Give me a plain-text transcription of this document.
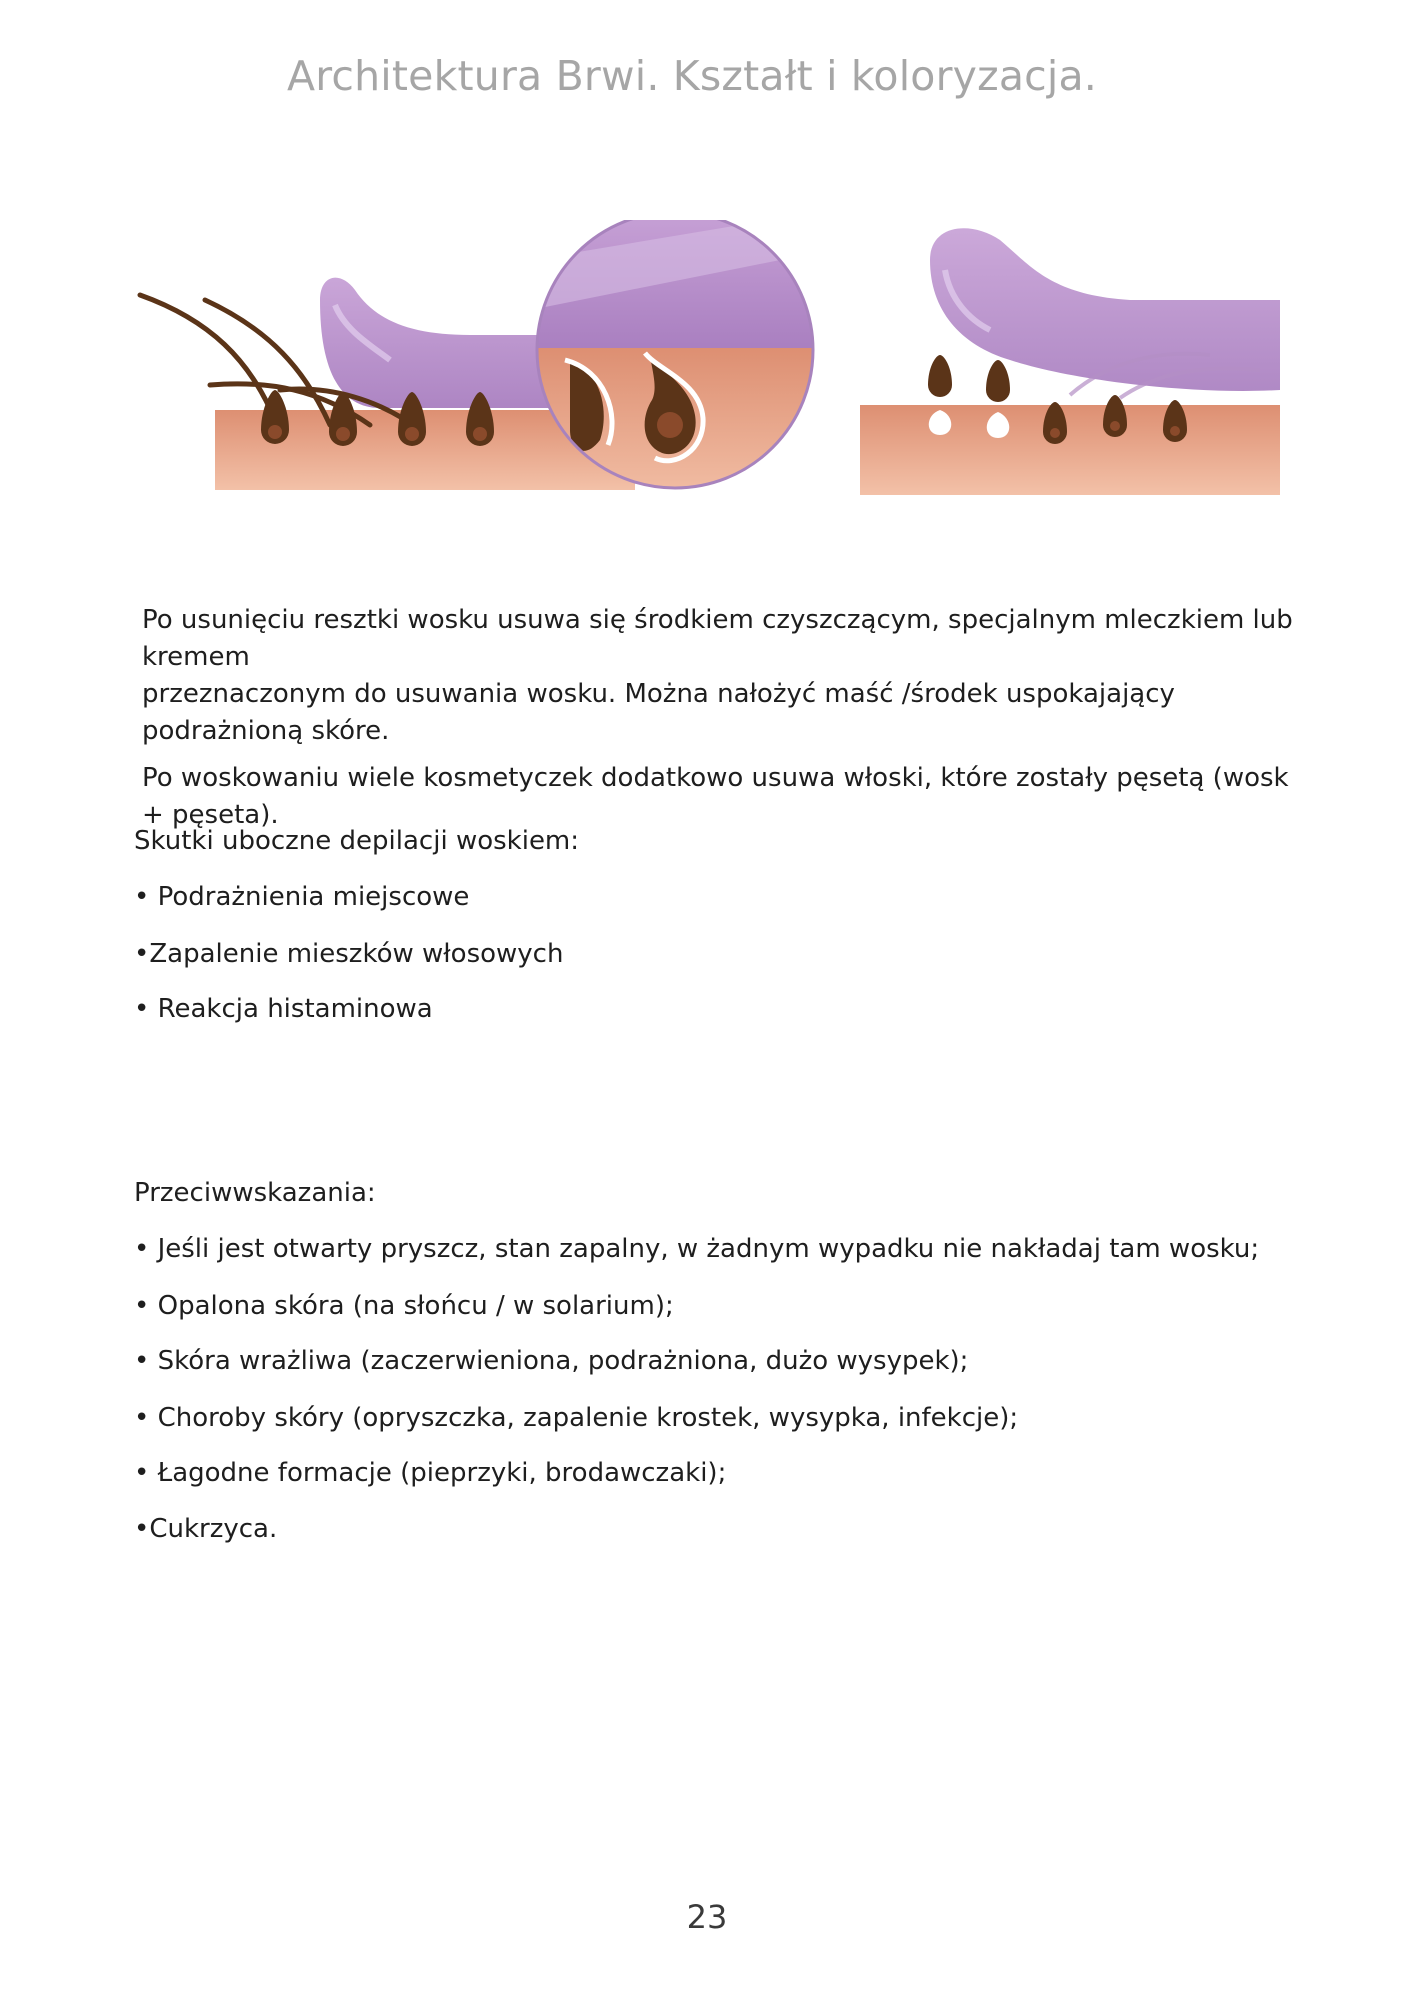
Architektura Brwi. Kształt i koloryzacja.

Po usunięciu resztki wosku usuwa się środkiem czyszczącym, specjalnym mleczkiem lub kremem

przeznaczonym do usuwania wosku. Można nałożyć maść /środek uspokajający podrażnioną skóre.

Po woskowaniu wiele kosmetyczek dodatkowo usuwa włoski, które zostały pęsetą (wosk + pęseta).

Skutki uboczne depilacji woskiem:
• Podrażnienia miejscowe
•Zapalenie mieszków włosowych
• Reakcja histaminowa
Przeciwwskazania:
• Jeśli jest otwarty pryszcz, stan zapalny, w żadnym wypadku nie nakładaj tam wosku;
• Opalona skóra (na słońcu / w solarium);
• Skóra wrażliwa (zaczerwieniona, podrażniona, dużo wysypek);
• Choroby skóry (opryszczka, zapalenie krostek, wysypka, infekcje);
• Łagodne formacje (pieprzyki, brodawczaki);
•Cukrzyca.
23
